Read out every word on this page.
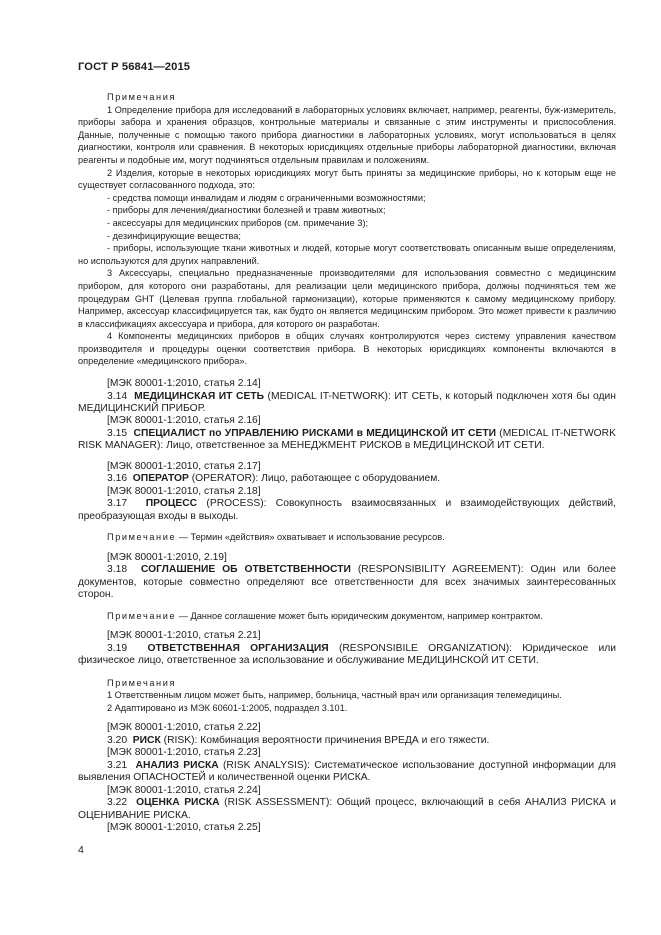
ГОСТ Р 56841—2015
Примечания

1 Определение прибора для исследований в лабораторных условиях включает, например, реагенты, буж-измеритель, приборы забора и хранения образцов, контрольные материалы и связанные с этим инструменты и приспособления. Данные, полученные с помощью такого прибора диагностики в лабораторных условиях, могут использоваться в целях диагностики, контроля или сравнения. В некоторых юрисдикциях отдельные приборы лабораторной диагностики, включая реагенты и подобные им, могут подчиняться отдельным правилам и положениям.

2 Изделия, которые в некоторых юрисдикциях могут быть приняты за медицинские приборы, но к которым еще не существует согласованного подхода, это:

- средства помощи инвалидам и людям с ограниченными возможностями;

- приборы для лечения/диагностики болезней и травм животных;

- аксессуары для медицинских приборов (см. примечание 3);

- дезинфицирующие вещества;

- приборы, использующие ткани животных и людей, которые могут соответствовать описанным выше определениям, но используются для других направлений.

3 Аксессуары, специально предназначенные производителями для использования совместно с медицинским прибором, для которого они разработаны, для реализации цели медицинского прибора, должны подчиняться тем же процедурам GHT (Целевая группа глобальной гармонизации), которые применяются к самому медицинскому прибору. Например, аксессуар классифицируется так, как будто он является медицинским прибором. Это может привести к различию в классификациях аксессуара и прибора, для которого он разработан.

4 Компоненты медицинских приборов в общих случаях контролируются через систему управления качеством производителя и процедуры оценки соответствия прибора. В некоторых юрисдикциях компоненты включаются в определение «медицинского прибора».

[МЭК 80001-1:2010, статья 2.14]

3.14 МЕДИЦИНСКАЯ ИТ СЕТЬ (MEDICAL IT-NETWORK): ИТ СЕТЬ, к который подключен хотя бы один МЕДИЦИНСКИЙ ПРИБОР.

[МЭК 80001-1:2010, статья 2.16]

3.15 СПЕЦИАЛИСТ по УПРАВЛЕНИЮ РИСКАМИ в МЕДИЦИНСКОЙ ИТ СЕТИ (MEDICAL IT-NETWORK RISK MANAGER): Лицо, ответственное за МЕНЕДЖМЕНТ РИСКОВ в МЕДИЦИНСКОЙ ИТ СЕТИ.

[МЭК 80001-1:2010, статья 2.17]

3.16 ОПЕРАТОР (OPERATOR): Лицо, работающее с оборудованием.

[МЭК 80001-1:2010, статья 2.18]

3.17 ПРОЦЕСС (PROCESS): Совокупность взаимосвязанных и взаимодействующих действий, преобразующая входы в выходы.

Примечание — Термин «действия» охватывает и использование ресурсов.

[МЭК 80001-1:2010, 2.19]

3.18 СОГЛАШЕНИЕ ОБ ОТВЕТСТВЕННОСТИ (RESPONSIBILITY AGREEMENT): Один или более документов, которые совместно определяют все ответственности для всех значимых заинтересованных сторон.

Примечание — Данное соглашение может быть юридическим документом, например контрактом.

[МЭК 80001-1:2010, статья 2.21]

3.19 ОТВЕТСТВЕННАЯ ОРГАНИЗАЦИЯ (RESPONSIBILE ORGANIZATION): Юридическое или физическое лицо, ответственное за использование и обслуживание МЕДИЦИНСКОЙ ИТ СЕТИ.

Примечания

1 Ответственным лицом может быть, например, больница, частный врач или организация телемедицины.

2 Адаптировано из МЭК 60601-1:2005, подраздел 3.101.

[МЭК 80001-1:2010, статья 2.22]

3.20 РИСК (RISK): Комбинация вероятности причинения ВРЕДА и его тяжести.

[МЭК 80001-1:2010, статья 2.23]

3.21 АНАЛИЗ РИСКА (RISK ANALYSIS): Систематическое использование доступной информации для выявления ОПАСНОСТЕЙ и количественной оценки РИСКА.

[МЭК 80001-1:2010, статья 2.24]

3.22 ОЦЕНКА РИСКА (RISK ASSESSMENT): Общий процесс, включающий в себя АНАЛИЗ РИСКА и ОЦЕНИВАНИЕ РИСКА.

[МЭК 80001-1:2010, статья 2.25]

4
